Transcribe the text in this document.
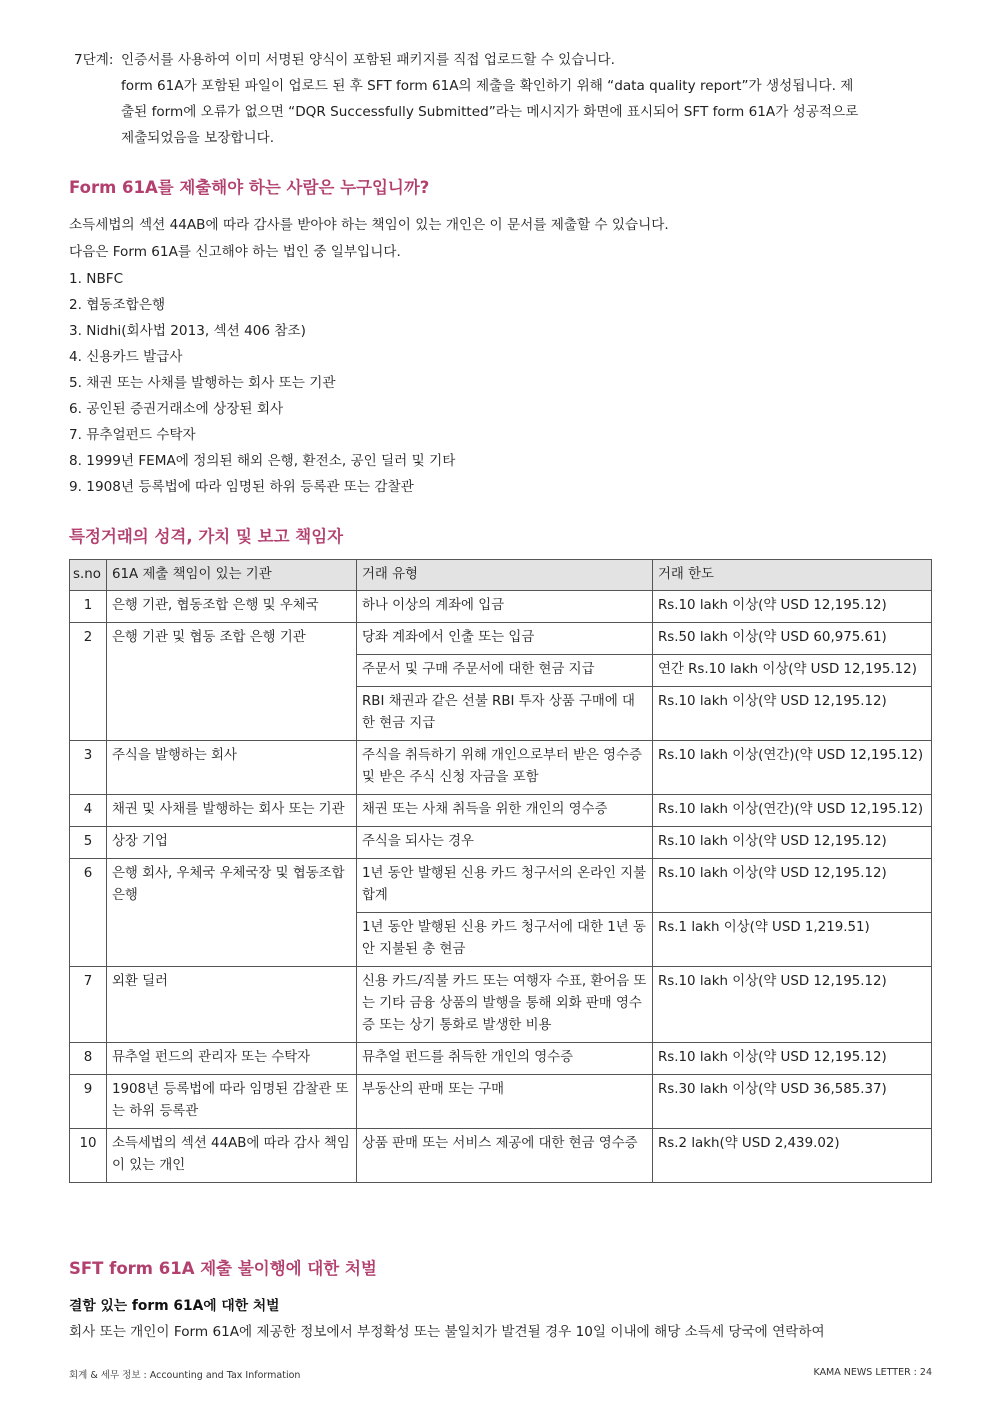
인증서를 사용하여 이미 서명된 양식이 포함된 패키지를 직접 업로드할 수 있습니다.
7단계:
form 61A가 포함된 파일이 업로드 된 후 SFT form 61A의 제출을 확인하기 위해 “data quality report”가 생성됩니다. 제
출된 form에 오류가 없으면 “DQR Successfully Submitted”라는 메시지가 화면에 표시되어 SFT form 61A가 성공적으로
제출되었음을 보장합니다.
Form 61A를 제출해야 하는 사람은 누구입니까?
소득세법의 섹션 44AB에 따라 감사를 받아야 하는 책임이 있는 개인은 이 문서를 제출할 수 있습니다.
다음은 Form 61A를 신고해야 하는 법인 중 일부입니다.
1. NBFC
2. 협동조합은행
3. Nidhi(회사법 2013, 섹션 406 참조)
4. 신용카드 발급사
5. 채권 또는 사채를 발행하는 회사 또는 기관
6. 공인된 증권거래소에 상장된 회사
7. 뮤추얼펀드 수탁자
8. 1999년 FEMA에 정의된 해외 은행, 환전소, 공인 딜러 및 기타
9. 1908년 등록법에 따라 임명된 하위 등록관 또는 감찰관
특정거래의 성격, 가치 및 보고 책임자
s.no	61A 제출 책임이 있는 기관	거래 유형	거래 한도
1	은행 기관, 협동조합 은행 및 우체국	하나 이상의 계좌에 입금	Rs.10 lakh 이상(약 USD 12,195.12)
2	은행 기관 및 협동 조합 은행 기관	당좌 계좌에서 인출 또는 입금	Rs.50 lakh 이상(약 USD 60,975.61)
		주문서 및 구매 주문서에 대한 현금 지급	연간 Rs.10 lakh 이상(약 USD 12,195.12)
		RBI 채권과 같은 선불 RBI 투자 상품 구매에 대한 현금 지급	Rs.10 lakh 이상(약 USD 12,195.12)
3	주식을 발행하는 회사	주식을 취득하기 위해 개인으로부터 받은 영수증 및 받은 주식 신청 자금을 포함	Rs.10 lakh 이상(연간)(약 USD 12,195.12)
4	채권 및 사채를 발행하는 회사 또는 기관	채권 또는 사채 취득을 위한 개인의 영수증	Rs.10 lakh 이상(연간)(약 USD 12,195.12)
5	상장 기업	주식을 되사는 경우	Rs.10 lakh 이상(약 USD 12,195.12)
6	은행 회사, 우체국 우체국장 및 협동조합 은행	1년 동안 발행된 신용 카드 청구서의 온라인 지불 합계	Rs.10 lakh 이상(약 USD 12,195.12)
		1년 동안 발행된 신용 카드 청구서에 대한 1년 동안 지불된 총 현금	Rs.1 lakh 이상(약 USD 1,219.51)
7	외환 딜러	신용 카드/직불 카드 또는 여행자 수표, 환어음 또는 기타 금융 상품의 발행을 통해 외화 판매 영수증 또는 상기 통화로 발생한 비용	Rs.10 lakh 이상(약 USD 12,195.12)
8	뮤추얼 펀드의 관리자 또는 수탁자	뮤추얼 펀드를 취득한 개인의 영수증	Rs.10 lakh 이상(약 USD 12,195.12)
9	1908년 등록법에 따라 임명된 감찰관 또는 하위 등록관	부동산의 판매 또는 구매	Rs.30 lakh 이상(약 USD 36,585.37)
10	소득세법의 섹션 44AB에 따라 감사 책임이 있는 개인	상품 판매 또는 서비스 제공에 대한 현금 영수증	Rs.2 lakh(약 USD 2,439.02)
SFT form 61A 제출 불이행에 대한 처벌
결함 있는 form 61A에 대한 처벌
회사 또는 개인이 Form 61A에 제공한 정보에서 부정확성 또는 불일치가 발견될 경우 10일 이내에 해당 소득세 당국에 연락하여
회계 & 세무 정보 : Accounting and Tax Information	KAMA NEWS LETTER : 24
